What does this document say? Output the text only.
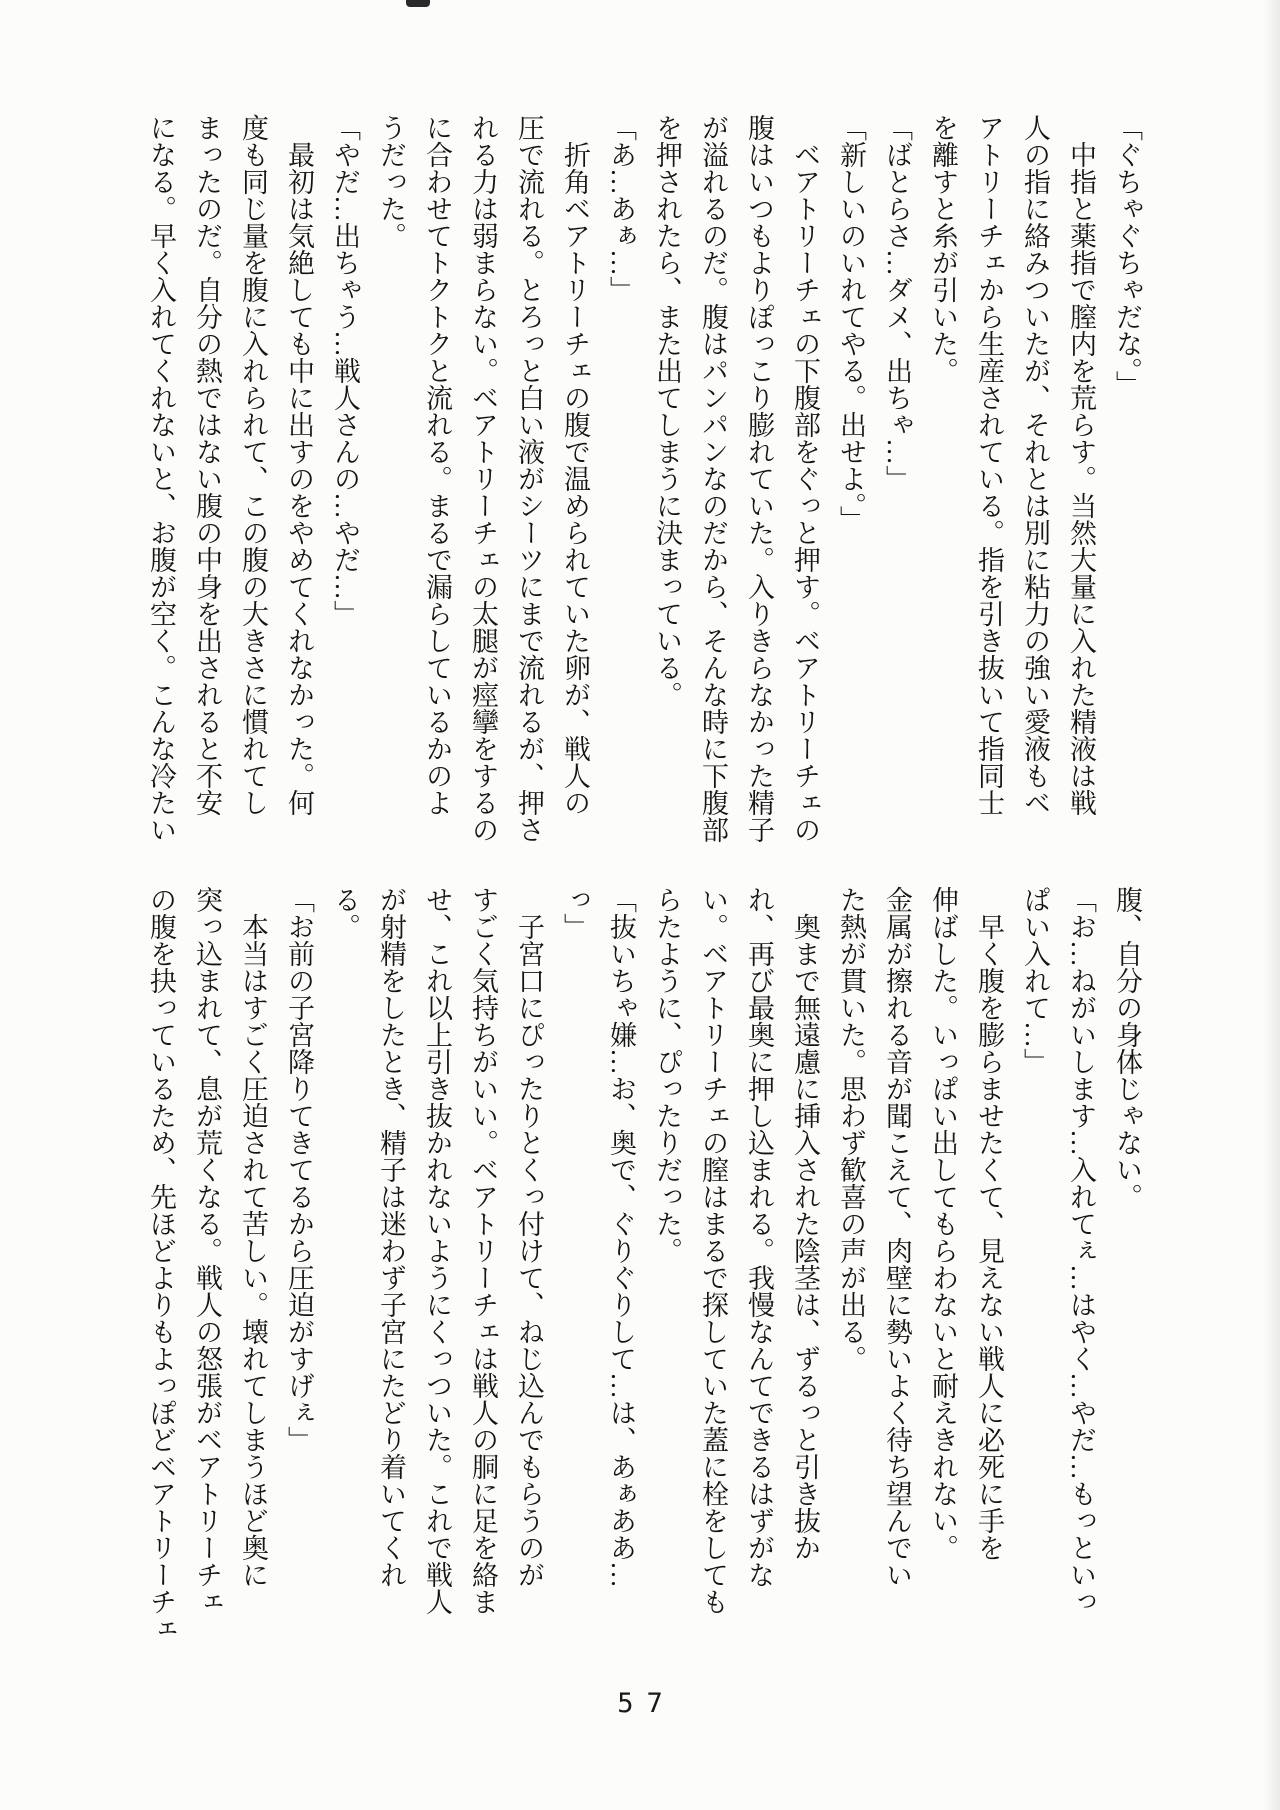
「ぐちゃぐちゃだな。」
　中指と薬指で膣内を荒らす。当然大量に入れた精液は戦
人の指に絡みついたが、それとは別に粘力の強い愛液もベ
アトリーチェから生産されている。指を引き抜いて指同士
を離すと糸が引いた。
「ばとらさ…ダメ、出ちゃ…」
「新しいのいれてやる。出せよ。」
　ベアトリーチェの下腹部をぐっと押す。ベアトリーチェの
腹はいつもよりぽっこり膨れていた。入りきらなかった精子
が溢れるのだ。腹はパンパンなのだから、そんな時に下腹部
を押されたら、また出てしまうに決まっている。
「あ…あぁ…」
　折角ベアトリーチェの腹で温められていた卵が、戦人の
圧で流れる。とろっと白い液がシーツにまで流れるが、押さ
れる力は弱まらない。ベアトリーチェの太腿が痙攣をするの
に合わせてトクトクと流れる。まるで漏らしているかのよ
うだった。
「やだ…出ちゃう…戦人さんの…やだ…」
　最初は気絶しても中に出すのをやめてくれなかった。何
度も同じ量を腹に入れられて、この腹の大きさに慣れてし
まったのだ。自分の熱ではない腹の中身を出されると不安
になる。早く入れてくれないと、お腹が空く。こんな冷たい
腹、自分の身体じゃない。
「お…ねがいします…入れてぇ…はやく…やだ…もっといっ
ぱい入れて…」
　早く腹を膨らませたくて、見えない戦人に必死に手を
伸ばした。いっぱい出してもらわないと耐えきれない。
金属が擦れる音が聞こえて、肉壁に勢いよく待ち望んでい
た熱が貫いた。思わず歓喜の声が出る。
　奥まで無遠慮に挿入された陰茎は、ずるっと引き抜か
れ、再び最奥に押し込まれる。我慢なんてできるはずがな
い。ベアトリーチェの膣はまるで探していた蓋に栓をしても
らたように、ぴったりだった。
「抜いちゃ嫌…お、奥で、ぐりぐりして…は、あぁああ…
っ」
　子宮口にぴったりとくっ付けて、ねじ込んでもらうのが
すごく気持ちがいい。ベアトリーチェは戦人の胴に足を絡ま
せ、これ以上引き抜かれないようにくっついた。これで戦人
が射精をしたとき、精子は迷わず子宮にたどり着いてくれ
る。
「お前の子宮降りてきてるから圧迫がすげぇ」
　本当はすごく圧迫されて苦しい。壊れてしまうほど奥に
突っ込まれて、息が荒くなる。戦人の怒張がベアトリーチェ
の腹を抉っているため、先ほどよりもよっぽどベアトリーチェ
57
